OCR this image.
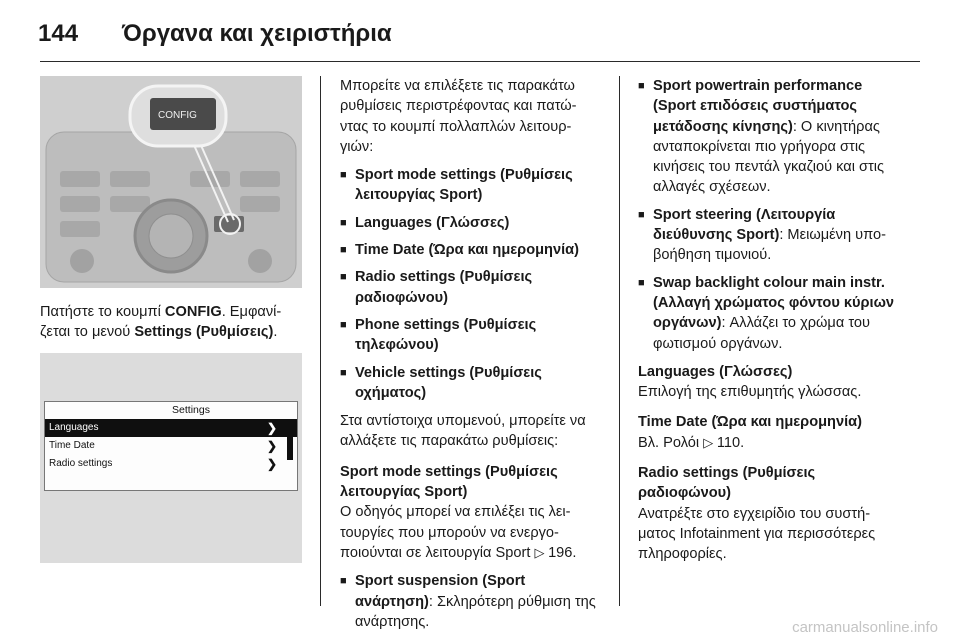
144 Όργανα και χειριστήρια
CONFIG

Πατήστε το κουμπί CONFIG. Εμφανί-ζεται το μενού Settings (Ρυθμίσεις).

Settings
Languages	❯
Time Date	❯
Radio settings	❯

Μπορείτε να επιλέξετε τις παρακάτω ρυθμίσεις περιστρέφοντας και πατώ-ντας το κουμπί πολλαπλών λειτουρ-γιών:

■ Sport mode settings (Ρυθμίσεις λειτουργίας Sport)
■ Languages (Γλώσσες)
■ Time Date (Ώρα και ημερομηνία)
■ Radio settings (Ρυθμίσεις ραδιοφώνου)
■ Phone settings (Ρυθμίσεις τηλεφώνου)
■ Vehicle settings (Ρυθμίσεις οχήματος)

Στα αντίστοιχα υπομενού, μπορείτε να αλλάξετε τις παρακάτω ρυθμίσεις:

Sport mode settings (Ρυθμίσεις λειτουργίας Sport)

Ο οδηγός μπορεί να επιλέξει τις λει-τουργίες που μπορούν να ενεργο-ποιούνται σε λειτουργία Sport ▷ 196.

■ Sport suspension (Sport ανάρτηση): Σκληρότερη ρύθμιση της ανάρτησης.
■ Sport powertrain performance (Sport επιδόσεις συστήματος μετάδοσης κίνησης): Ο κινητήρας ανταποκρίνεται πιο γρήγορα στις κινήσεις του πεντάλ γκαζιού και στις αλλαγές σχέσεων.
■ Sport steering (Λειτουργία διεύθυνσης Sport): Μειωμένη υπο-βοήθηση τιμονιού.
■ Swap backlight colour main instr. (Αλλαγή χρώματος φόντου κύριων οργάνων): Αλλάζει το χρώμα του φωτισμού οργάνων.
Languages (Γλώσσες)
Επιλογή της επιθυμητής γλώσσας.
Time Date (Ώρα και ημερομηνία)
Βλ. Ρολόι ▷ 110.
Radio settings (Ρυθμίσεις ραδιοφώνου)
Ανατρέξτε στο εγχειρίδιο του συστή-ματος Infotainment για περισσότερες πληροφορίες.
carmanualsonline.info
